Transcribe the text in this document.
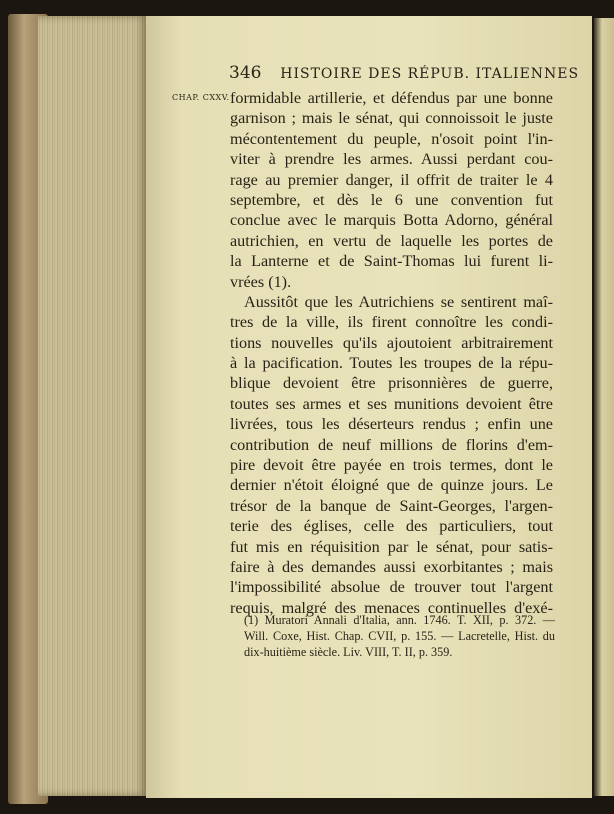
346 HISTOIRE DES RÉPUB. ITALIENNES
CHAP. CXXV. formidable artillerie, et défendus par une bonne
garnison ; mais le sénat, qui connoissoit le juste
mécontentement du peuple, n'osoit point l'in-
viter à prendre les armes. Aussi perdant cou-
rage au premier danger, il offrit de traiter le 4
septembre, et dès le 6 une convention fut
conclue avec le marquis Botta Adorno, général
autrichien, en vertu de laquelle les portes de
la Lanterne et de Saint-Thomas lui furent li-
vrées (1).
Aussitôt que les Autrichiens se sentirent maî-
tres de la ville, ils firent connoître les condi-
tions nouvelles qu'ils ajoutoient arbitrairement
à la pacification. Toutes les troupes de la répu-
blique devoient être prisonnières de guerre,
toutes ses armes et ses munitions devoient être
livrées, tous les déserteurs rendus ; enfin une
contribution de neuf millions de florins d'em-
pire devoit être payée en trois termes, dont le
dernier n'étoit éloigné que de quinze jours. Le
trésor de la banque de Saint-Georges, l'argen-
terie des églises, celle des particuliers, tout
fut mis en réquisition par le sénat, pour satis-
faire à des demandes aussi exorbitantes ; mais
l'impossibilité absolue de trouver tout l'argent
requis, malgré des menaces continuelles d'exé-
(1) Muratori Annali d'Italia, ann. 1746. T. XII, p. 372. —
Will. Coxe, Hist. Chap. CVII, p. 155. — Lacretelle, Hist. du
dix-huitième siècle. Liv. VIII, T. II, p. 359.
